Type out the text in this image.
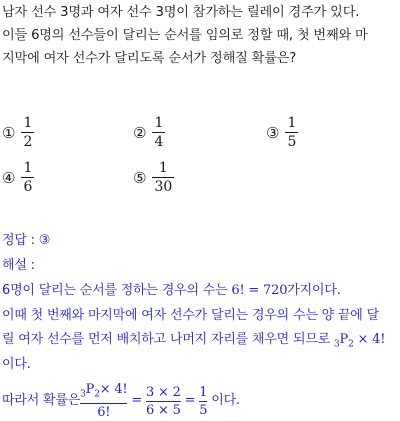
남자 선수 3명과 여자 선수 3명이 참가하는 릴레이 경주가 있다.
이들 6명의 선수들이 달리는 순서를 임의로 정할 때, 첫 번째와 마
지막에 여자 선수가 달리도록 순서가 정해질 확률은?
① $\frac{1}{2}$	② $\frac{1}{4}$	③ $\frac{1}{5}$
④ $\frac{1}{6}$	⑤ $\frac{1}{30}$
정답 : ③
해설 :
6명이 달리는 순서를 정하는 경우의 수는 6! = 720가지이다.
이때 첫 번째와 마지막에 여자 선수가 달리는 경우의 수는 양 끝에 달
릴 여자 선수를 먼저 배치하고 나머지 자리를 채우면 되므로 $_3P_2 \times 4$!
이다.
따라서 확률은 $_3P_2\times 4$!
6!
=
3 × 2
6 × 5
=
1
5
이다.
